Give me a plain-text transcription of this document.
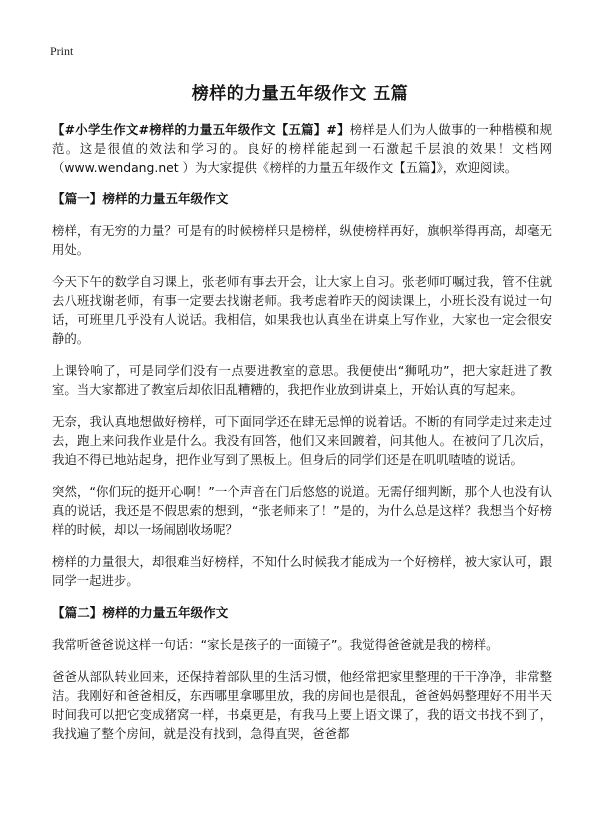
Print
榜样的力量五年级作文 五篇

【#小学生作文#榜样的力量五年级作文【五篇】#】榜样是人们为人做事的一种楷模和规范。这是很值的效法和学习的。良好的榜样能起到一石激起千层浪的效果！文档网（www.wendang.net ）为大家提供《榜样的力量五年级作文【五篇】》，欢迎阅读。

【篇一】榜样的力量五年级作文

榜样，有无穷的力量？可是有的时候榜样只是榜样，纵使榜样再好，旗帜举得再高，却毫无用处。

今天下午的数学自习课上，张老师有事去开会，让大家上自习。张老师叮嘱过我，管不住就去八班找谢老师，有事一定要去找谢老师。我考虑着昨天的阅读课上，小班长没有说过一句话，可班里几乎没有人说话。我相信，如果我也认真坐在讲桌上写作业，大家也一定会很安静的。

上课铃响了，可是同学们没有一点要进教室的意思。我便使出“狮吼功”，把大家赶进了教室。当大家都进了教室后却依旧乱糟糟的，我把作业放到讲桌上，开始认真的写起来。

无奈，我认真地想做好榜样，可下面同学还在肆无忌惮的说着话。不断的有同学走过来走过去，跑上来问我作业是什么。我没有回答，他们又来回踱着，问其他人。在被问了几次后，我迫不得已地站起身，把作业写到了黑板上。但身后的同学们还是在叽叽喳喳的说话。

突然，“你们玩的挺开心啊！”一个声音在门后悠悠的说道。无需仔细判断，那个人也没有认真的说话，我还是不假思索的想到，“张老师来了！”是的，为什么总是这样？我想当个好榜样的时候，却以一场闹剧收场呢？

榜样的力量很大，却很难当好榜样，不知什么时候我才能成为一个好榜样，被大家认可，跟同学一起进步。

【篇二】榜样的力量五年级作文

我常听爸爸说这样一句话：“家长是孩子的一面镜子”。我觉得爸爸就是我的榜样。

爸爸从部队转业回来，还保持着部队里的生活习惯，他经常把家里整理的干干净净，非常整洁。我刚好和爸爸相反，东西哪里拿哪里放，我的房间也是很乱，爸爸妈妈整理好不用半天时间我可以把它变成猪窝一样，书桌更是，有我马上要上语文课了，我的语文书找不到了，我找遍了整个房间，就是没有找到，急得直哭，爸爸都
